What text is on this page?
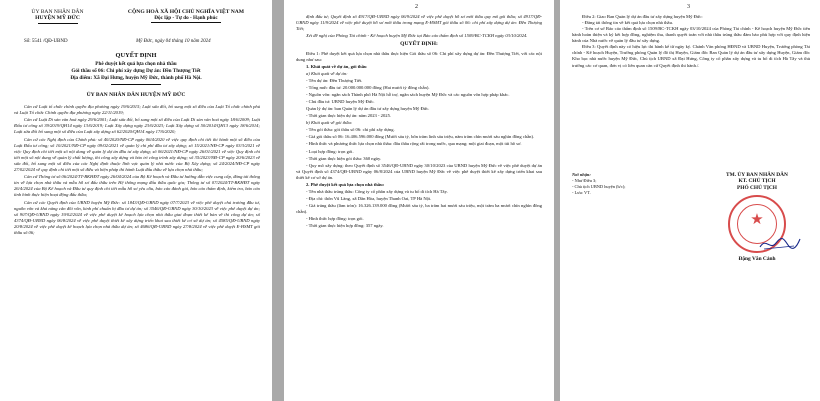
ỦY BAN NHÂN DÂN
HUYỆN MỸ ĐỨC
CỘNG HOÀ XÃ HỘI CHỦ NGHĨA VIỆT NAM
Độc lập - Tự do - Hạnh phúc
Số: 5541 /QĐ-UBND	Mỹ Đức, ngày 04 tháng 10 năm 2024
QUYẾT ĐỊNH
Phê duyệt kết quả lựa chọn nhà thầu
Gói thầu số 06: Chi phí xây dựng Dự án: Đền Thượng Tiết
Địa điểm: Xã Đại Hưng, huyện Mỹ Đức, thành phố Hà Nội.
ỦY BAN NHÂN DÂN HUYỆN MỸ ĐỨC

Căn cứ Luật tổ chức chính quyền địa phương ngày 19/6/2015; Luật sửa đổi, bổ sung một số điều của Luật Tổ chức chính phủ và Luật Tổ chức Chính quyền địa phương ngày 22/11/2019;

Căn cứ Luật Di sản văn hoá ngày 29/6/2001; Luật sửa đổi, bổ sung một số điều của Luật Di sản văn hoá ngày 18/6/2009; Luật Đấu tư công số 39/2019/QH14 ngày 13/6/2019; Luật Xây dựng ngày 23/6/2023; Luật Xây dựng số 50/2014/QH13 ngày 18/6/2014; Luật sửa đổi bổ sung một số điều của Luật xây dựng số 62/2020/QH14 ngày 17/6/2020;

Căn cứ các Nghị định của Chính phủ: số 40/2020/NĐ-CP ngày 06/4/2020 về việc quy định chi tiết thi hành một số điều của Luật Đấu tư công; số 10/2021/NĐ-CP ngày 09/02/2021 về quản lý chi phí đầu tư xây dựng; số 15/2021/NĐ-CP ngày 03/3/2021 về việc Quy định chi tiết một số nội dung về quản lý dự án đầu tư xây dựng; số 06/2021/NĐ-CP ngày 26/01/2021 về việc Quy định chi tiết một số nội dung về quản lý chất lượng, thi công xây dựng và bảo trì công trình xây dựng; số 35/2023/NĐ-CP ngày 20/6/2023 về sửa đổi, bổ sung một số điều của các Nghị định thuộc lĩnh vực quản lý nhà nước của Bộ Xây dựng; số 24/2024/NĐ-CP ngày 27/02/2024 về quy định chi tiết một số điều và biện pháp thi hành Luật đấu thầu về lựa chọn nhà thầu;

Căn cứ Thông tư số 06/2024/TT-BKHĐT ngày 26/04/2024 của Bộ Kế hoạch và Đầu tư hướng dẫn việc cung cấp, đăng tải thông tin về lựa chọn nhà thầu và mẫu hồ sơ đấu thầu trên Hệ thống mạng đấu thầu quốc gia; Thông tư số 07/2024/TT-BKHĐT ngày 26/4/2024 của Bộ Kế hoạch và Đầu tư quy định chi tiết mẫu hồ sơ yêu cầu, báo cáo đánh giá, báo cáo thẩm định, kiểm tra, báo cáo tình hình thực hiện hoạt động đấu thầu;

Căn cứ các Quyết định của UBND huyện Mỹ Đức: số 1843/QĐ-UBND ngày 07/7/2023 về việc phê duyệt chủ trương đầu tư, nguồn vốn và khả năng cân đối vốn, kinh phí chuẩn bị đầu tư dự án; số 3546/QĐ-UBND ngày 30/10/2023 về việc phê duyệt dự án; số 907/QĐ-UBND ngày 19/02/2024 về việc phê duyệt kế hoạch lựa chọn nhà thầu giai đoạn thiết kế bản vẽ thi công dự án; số 4374/QĐ-UBND ngày 06/8/2024 về việc phê duyệt thiết kế xây dựng triển khai sau thiết kế cơ sở dự án; số 4585/QĐ-UBND ngày 20/8/2024 về việc phê duyệt kế hoạch lựa chọn nhà thầu dự án; số 4686/QĐ-UBND ngày 27/8/2024 về việc phê duyệt E-HSMT gói thầu số 06;

2

định đấu tư; Quyết định số 4917/QĐ-UBND ngày 06/9/2024 về việc phê duyệt hồ sơ mời thầu quy mô gói thầu; số 4917/QĐ-UBND ngày 11/9/2024 về việc phê duyệt hồ sơ mời thầu trong mạng E-HSMT gói thầu số 06: chi phí xây dựng dự án: Đền Thượng Tiết;

Xét đề nghị của Phòng Tài chính - Kế hoạch huyện Mỹ Đức tại Báo cáo thẩm định số 1509/BC-TCKH ngày 03/10/2024.

QUYẾT ĐỊNH:

Điều 1: Phê duyệt kết quả lựa chọn nhà thầu thực hiện Gói thầu số 06: Chi phí xây dựng dự án: Đền Thượng Tiết, với các nội dung như sau:

1. Khái quát về dự án, gói thầu

a) Khái quát về dự án:

- Tên dự án: Đền Thượng Tiết.

- Tổng mức đầu tư: 20.000.000.000 đồng (Hai mươi tỷ đồng chẵn).

- Nguồn vốn: ngân sách Thành phố Hà Nội hỗ trợ, ngân sách huyện Mỹ Đức và các nguồn vốn hợp pháp khác.

- Chủ đầu tư: UBND huyện Mỹ Đức.

Quản lý dự án: ban Quản lý dự án đầu tư xây dựng huyện Mỹ Đức.

- Thời gian thực hiện dự án: năm 2023 - 2025.

b) Khái quát về gói thầu:

- Tên gói thầu: gói thầu số 06: chi phí xây dựng.

- Giá gói thầu số 06: 16.406.596.000 đồng (Mười sáu tỷ, bốn trăm linh sáu triệu, năm trăm chín mươi sáu nghìn đồng chẵn).

- Hình thức và phương thức lựa chọn nhà thầu: đấu thầu rộng rãi trong nước, qua mạng; một giai đoạn, một túi hồ sơ.

- Loại hợp đồng: trọn gói.

- Thời gian thực hiện gói thầu: 360 ngày.

- Quy mô xây dựng: theo Quyết định số 3546/QĐ-UBND ngày 30/10/2023 của UBND huyện Mỹ Đức về việc phê duyệt dự án và Quyết định số 4374/QĐ-UBND ngày 06/8/2024 của UBND huyện Mỹ Đức về việc phê duyệt thiết kế xây dựng triển khai sau thiết kế cơ sở dự án.

2. Phê duyệt kết quả lựa chọn nhà thầu:

- Tên nhà thầu trúng thầu: Công ty cổ phần xây dựng và tu bổ di tích Hà Tây.

- Địa chỉ: thôn Vũ Lăng, xã Dân Hòa, huyện Thanh Oai, TP Hà Nội.

- Giá trúng thầu (làm tròn): 16.326.139.000 đồng (Mười sáu tỷ, ba trăm hai mươi sáu triệu, một trăm ba mươi chín nghìn đồng chẵn).

- Hình thức hợp đồng: trọn gói.

- Thời gian thực hiện hợp đồng: 357 ngày.

3

Điều 2: Giao Ban Quản lý dự án đầu tư xây dựng huyện Mỹ Đức:

- Đăng tải thông tin về kết quả lựa chọn nhà thầu.

- Trên cơ sở Báo cáo thẩm định số 1509/BC-TCKH ngày 03/10/2024 của Phòng Tài chính - Kế hoạch huyện Mỹ Đức tiến hành hoàn thiện và ký kết hợp đồng, nghiệm thu, thanh quyết toán với nhà thầu trúng thầu đảm bảo phù hợp với quy định hiện hành của Nhà nước về quản lý đầu tư xây dựng.

Điều 3: Quyết định này có hiệu lực thi hành kể từ ngày ký. Chánh Văn phòng HĐND và UBND Huyện, Trưởng phòng Tài chính - Kế hoạch Huyện, Trưởng phòng Quản lý đô thị Huyện, Giám đốc Ban Quản lý dự án đầu tư xây dựng Huyện, Giám đốc Kho bạc nhà nước huyện Mỹ Đức, Chủ tịch UBND xã Đại Hưng, Công ty cổ phần xây dựng và tu bổ di tích Hà Tây và thủ trưởng các cơ quan, đơn vị có liên quan căn cứ Quyết định thi hành./.

Nơi nhận:
- Như Điều 3;
- Chủ tịch UBND huyện (b/c);
- Lưu: VT.
TM. ỦY BAN NHÂN DÂN
KT. CHỦ TỊCH
PHÓ CHỦ TỊCH
★
Đặng Văn Cảnh
